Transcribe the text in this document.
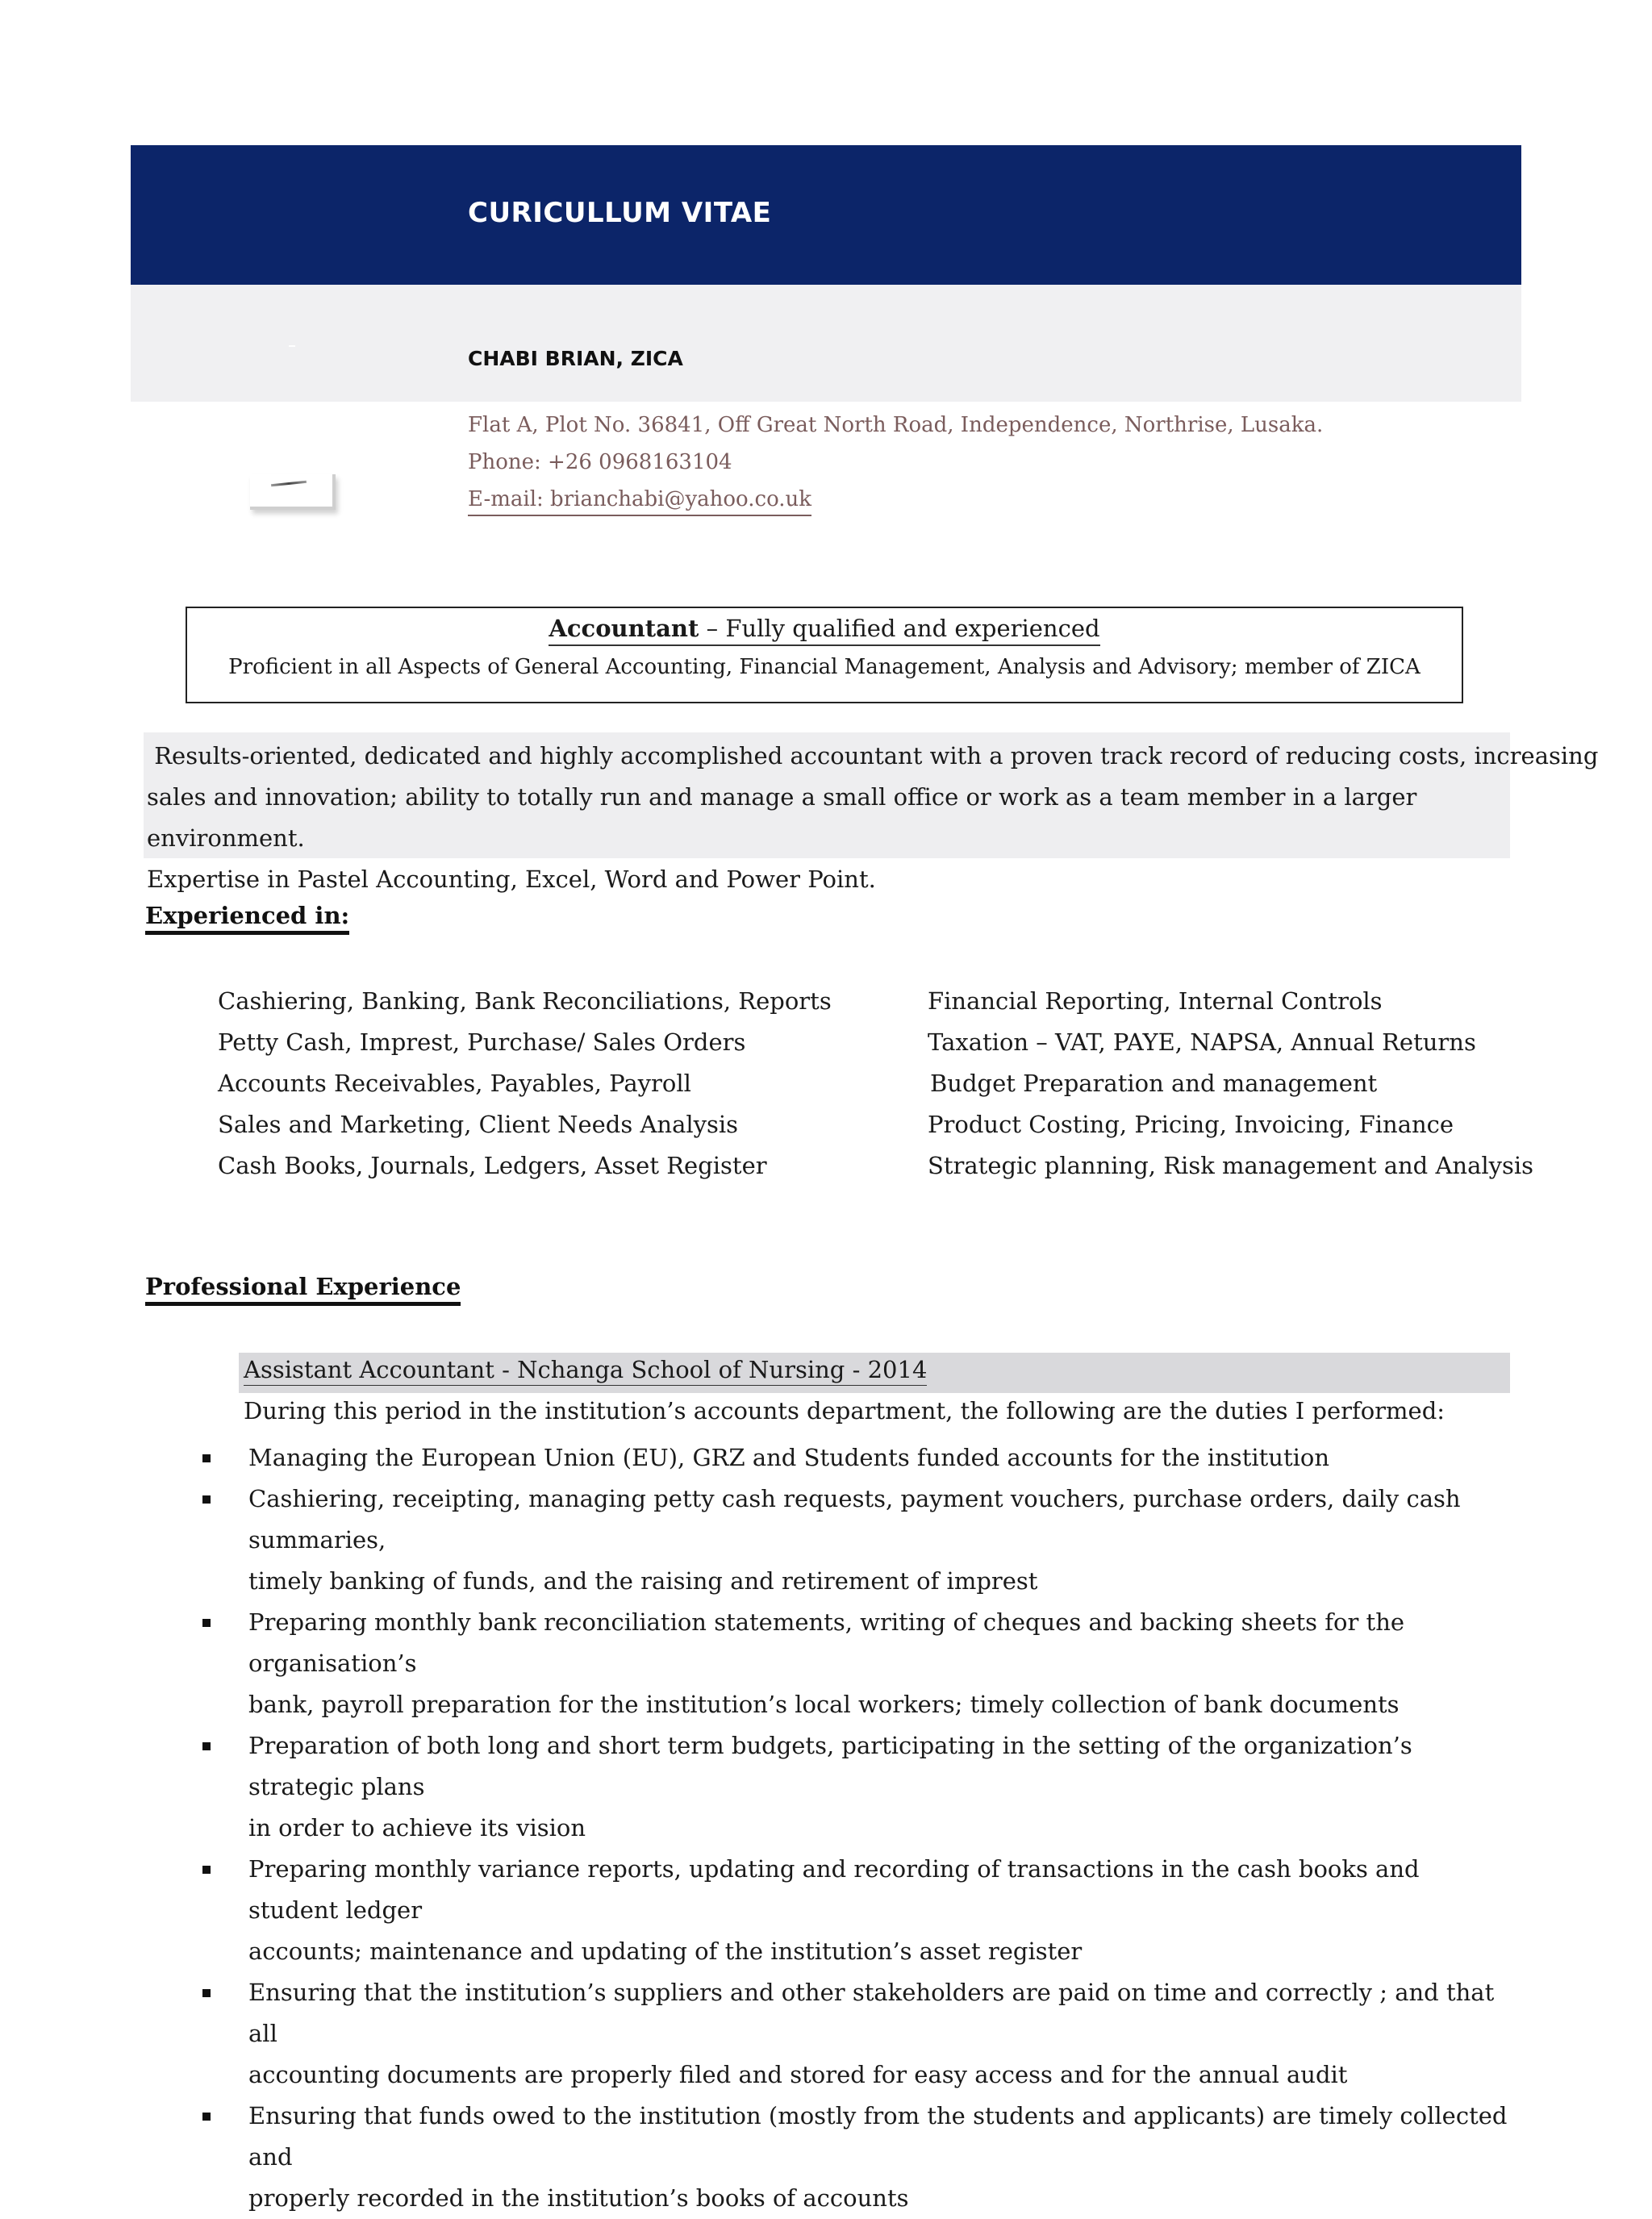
CURICULLUM VITAE
CHABI BRIAN, ZICA
Flat A, Plot No. 36841, Off Great North Road, Independence, Northrise, Lusaka.
Phone: +26 0968163104
E-mail: brianchabi@yahoo.co.uk
Accountant – Fully qualified and experienced
Proficient in all Aspects of General Accounting, Financial Management, Analysis and Advisory; member of ZICA
Results-oriented, dedicated and highly accomplished accountant with a proven track record of reducing costs, increasing
sales and innovation; ability to totally run and manage a small office or work as a team member in a larger environment.
Expertise in Pastel Accounting, Excel, Word and Power Point.
Experienced in:
Cashiering, Banking, Bank Reconciliations, Reports
Petty Cash, Imprest, Purchase/ Sales Orders
Accounts Receivables, Payables, Payroll
Sales and Marketing, Client Needs Analysis
Cash Books, Journals, Ledgers, Asset Register
Financial Reporting, Internal Controls
Taxation – VAT, PAYE, NAPSA, Annual Returns
Budget Preparation and management
Product Costing, Pricing, Invoicing, Finance
Strategic planning, Risk management and Analysis
Professional Experience
Assistant Accountant - Nchanga School of Nursing - 2014
During this period in the institution’s accounts department, the following are the duties I performed:
Managing the European Union (EU), GRZ and Students funded accounts for the institution
Cashiering, receipting, managing petty cash requests, payment vouchers, purchase orders, daily cash summaries,
timely banking of funds, and the raising and retirement of imprest
Preparing monthly bank reconciliation statements, writing of cheques and backing sheets for the organisation’s
bank, payroll preparation for the institution’s local workers; timely collection of bank documents
Preparation of both long and short term budgets, participating in the setting of the organization’s strategic plans
in order to achieve its vision
Preparing monthly variance reports, updating and recording of transactions in the cash books and student ledger
accounts; maintenance and updating of the institution’s asset register
Ensuring that the institution’s suppliers and other stakeholders are paid on time and correctly ; and that all
accounting documents are properly filed and stored for easy access and for the annual audit
Ensuring that funds owed to the institution (mostly from the students and applicants) are timely collected and
properly recorded in the institution’s books of accounts
